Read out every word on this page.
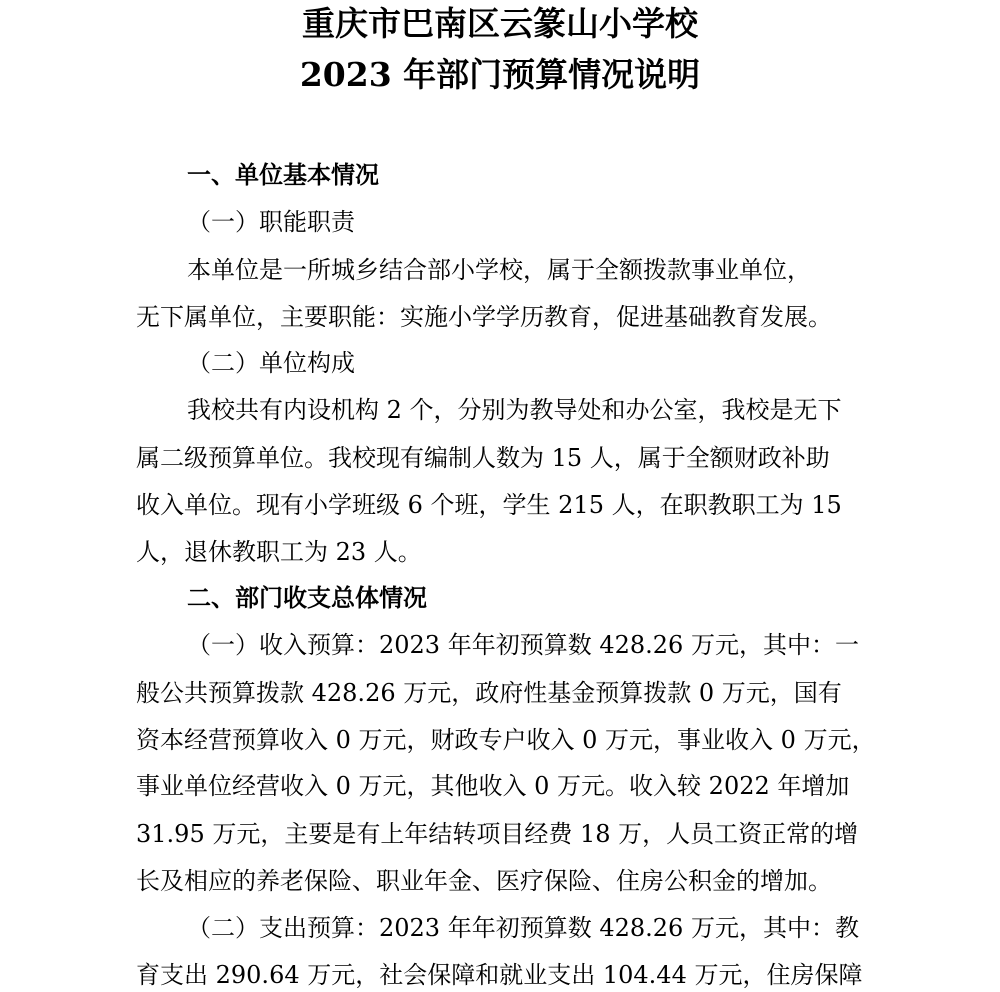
重庆市巴南区云篆山小学校
2023 年部门预算情况说明
一、单位基本情况
（一）职能职责
本单位是一所城乡结合部小学校，属于全额拨款事业单位，
无下属单位，主要职能：实施小学学历教育，促进基础教育发展。
（二）单位构成
我校共有内设机构 2 个，分别为教导处和办公室，我校是无下
属二级预算单位。我校现有编制人数为 15 人，属于全额财政补助
收入单位。现有小学班级 6 个班，学生 215 人，在职教职工为 15
人，退休教职工为 23 人。
二、部门收支总体情况
（一）收入预算：2023 年年初预算数 428.26 万元，其中：一
般公共预算拨款 428.26 万元，政府性基金预算拨款 0 万元，国有
资本经营预算收入 0 万元，财政专户收入 0 万元，事业收入 0 万元，
事业单位经营收入 0 万元，其他收入 0 万元。收入较 2022 年增加
31.95 万元，主要是有上年结转项目经费 18 万，人员工资正常的增
长及相应的养老保险、职业年金、医疗保险、住房公积金的增加。
（二）支出预算：2023 年年初预算数 428.26 万元，其中：教
育支出 290.64 万元，社会保障和就业支出 104.44 万元，住房保障
